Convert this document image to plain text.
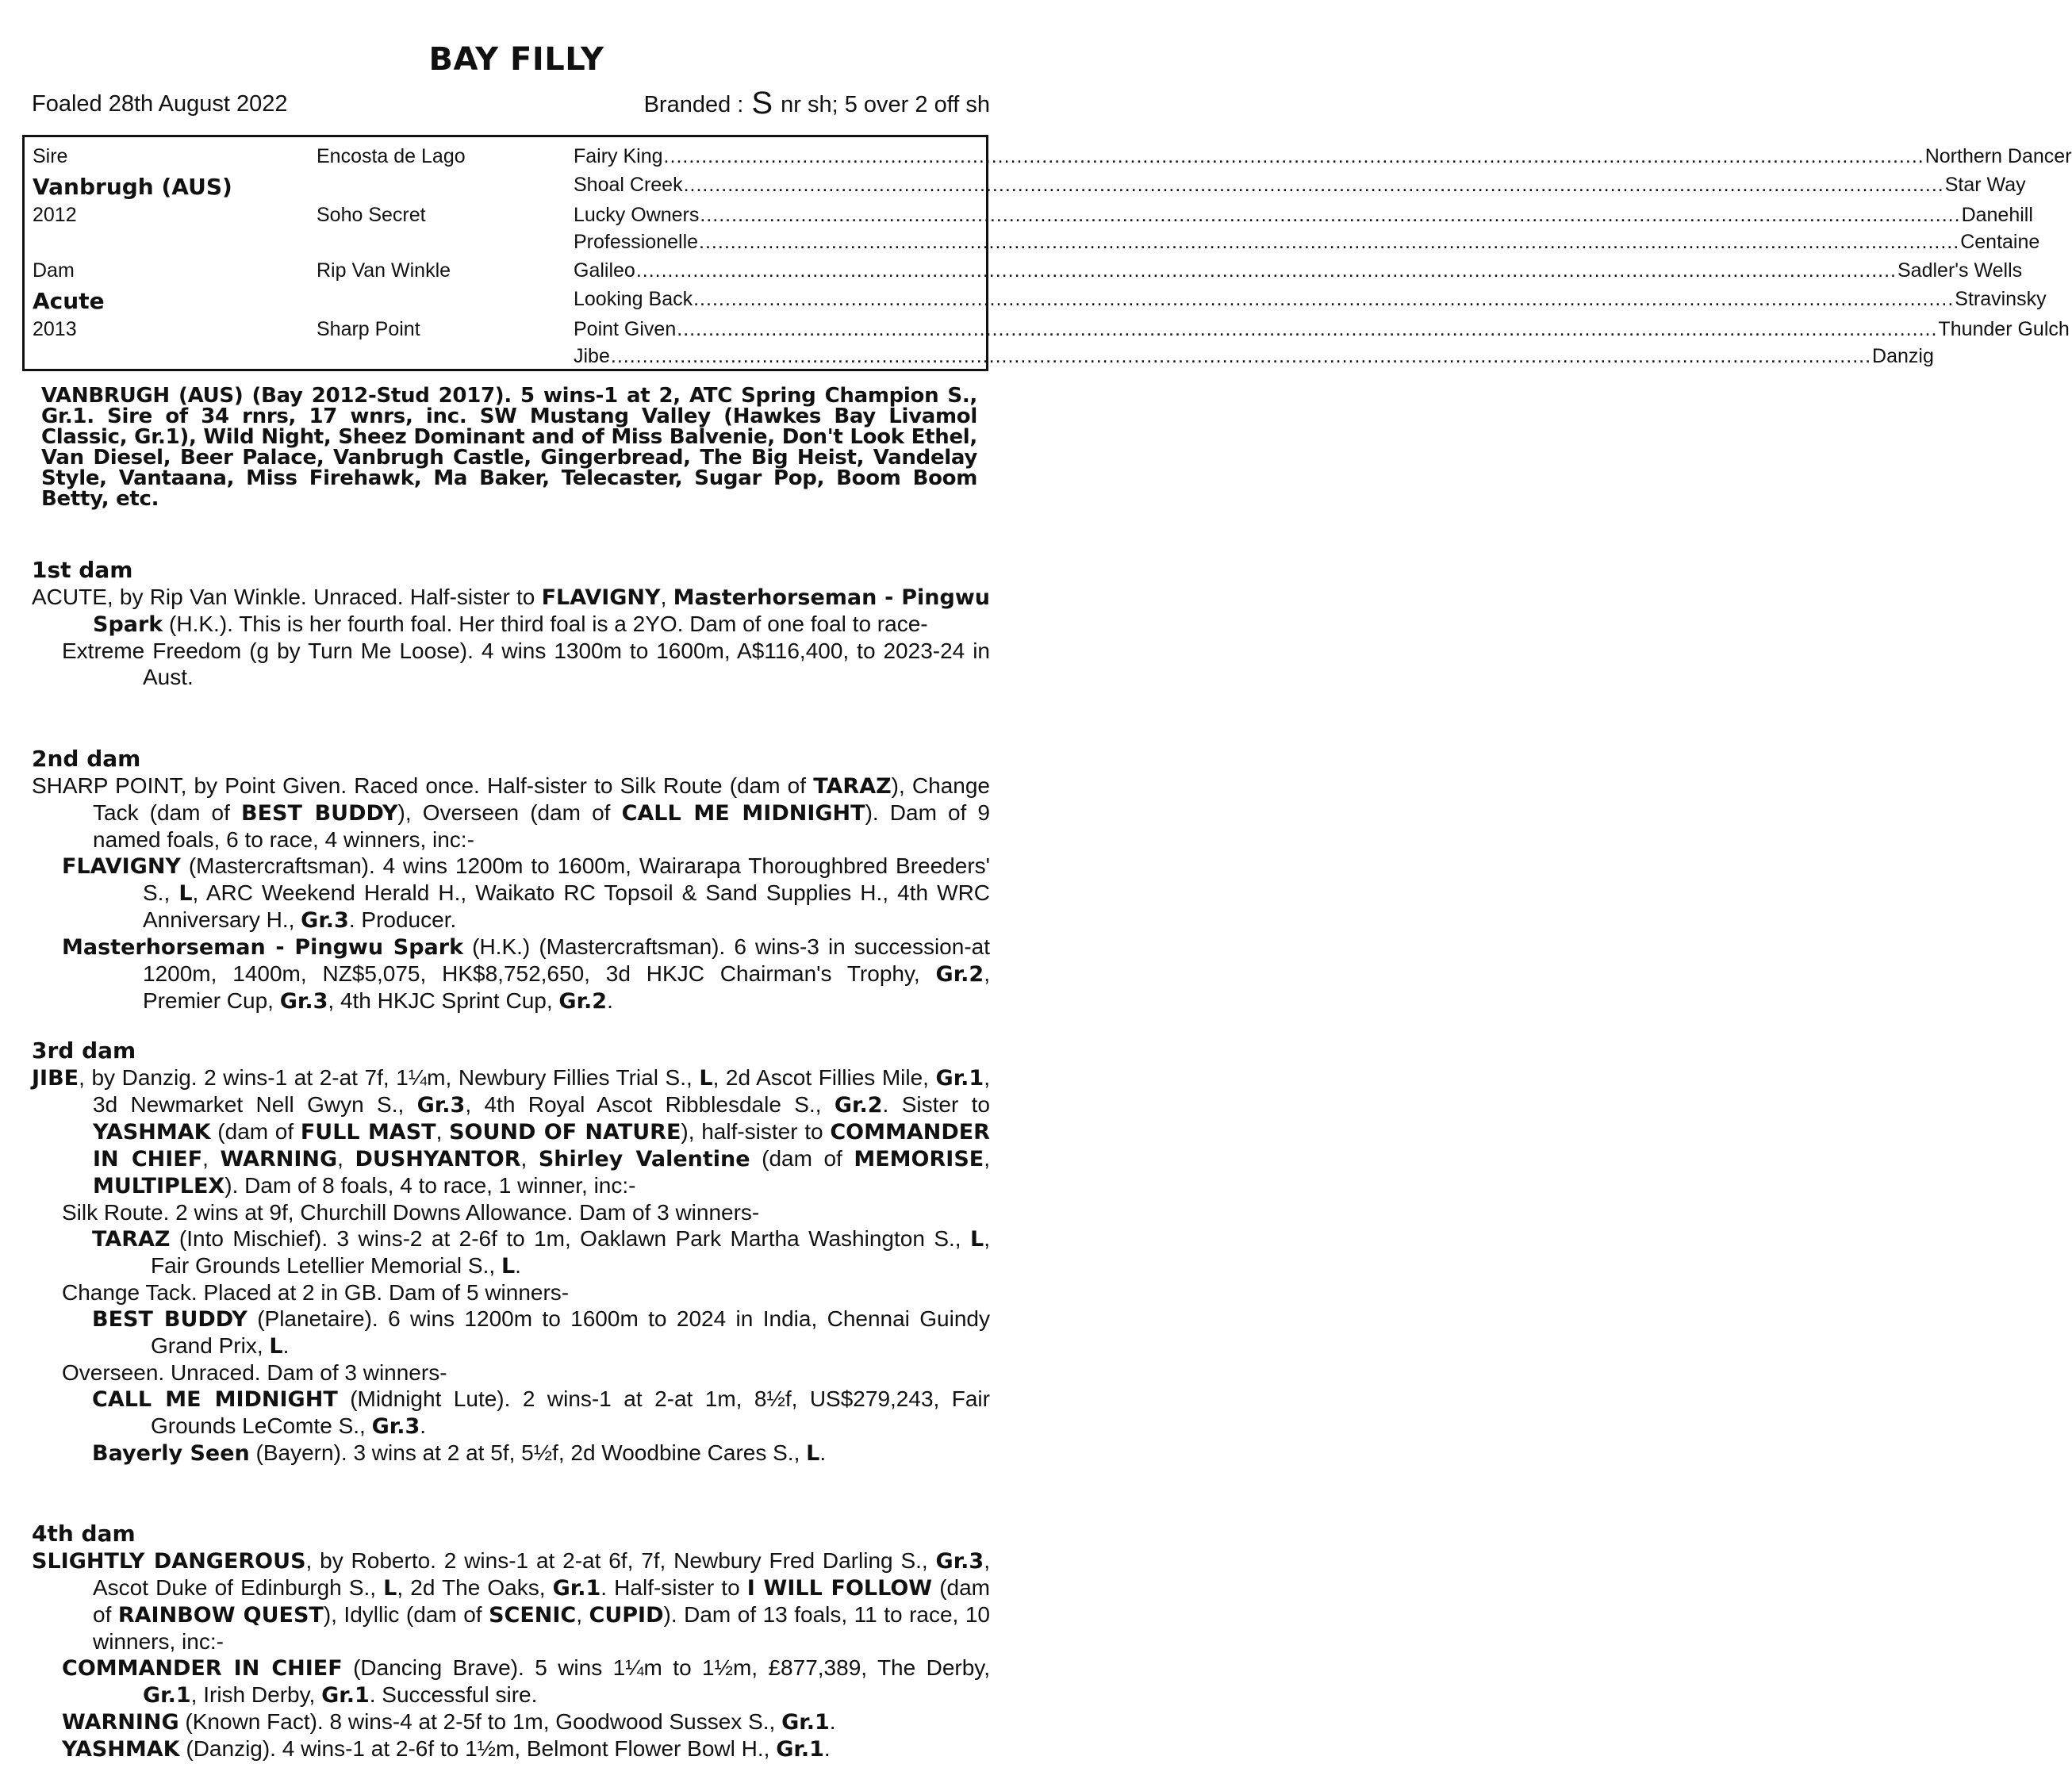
BAY FILLY
Foaled 28th August 2022	Branded : S nr sh; 5 over 2 off sh
Sire
Vanbrugh (AUS)
2012
Encosta de Lago
Soho Secret
Dam
Acute
2013
Rip Van Winkle
Sharp Point
Fairy King ........................................................................................................................................................................................................ Northern Dancer
Shoal Creek ........................................................................................................................................................................................................ Star Way
Lucky Owners ........................................................................................................................................................................................................ Danehill
Professionelle ........................................................................................................................................................................................................ Centaine
Galileo ........................................................................................................................................................................................................ Sadler's Wells
Looking Back ........................................................................................................................................................................................................ Stravinsky
Point Given ........................................................................................................................................................................................................ Thunder Gulch
Jibe ........................................................................................................................................................................................................ Danzig
VANBRUGH (AUS) (Bay 2012-Stud 2017). 5 wins-1 at 2, ATC Spring Champion S., Gr.1. Sire of 34 rnrs, 17 wnrs, inc. SW Mustang Valley (Hawkes Bay Livamol Classic, Gr.1), Wild Night, Sheez Dominant and of Miss Balvenie, Don't Look Ethel, Van Diesel, Beer Palace, Vanbrugh Castle, Gingerbread, The Big Heist, Vandelay Style, Vantaana, Miss Firehawk, Ma Baker, Telecaster, Sugar Pop, Boom Boom Betty, etc.
1st dam
ACUTE, by Rip Van Winkle. Unraced. Half-sister to FLAVIGNY, Masterhorseman - Pingwu Spark (H.K.). This is her fourth foal. Her third foal is a 2YO. Dam of one foal to race-
Extreme Freedom (g by Turn Me Loose). 4 wins 1300m to 1600m, A$116,400, to 2023-24 in Aust.
2nd dam
SHARP POINT, by Point Given. Raced once. Half-sister to Silk Route (dam of TARAZ), Change Tack (dam of BEST BUDDY), Overseen (dam of CALL ME MIDNIGHT). Dam of 9 named foals, 6 to race, 4 winners, inc:-
FLAVIGNY (Mastercraftsman). 4 wins 1200m to 1600m, Wairarapa Thoroughbred Breeders' S., L, ARC Weekend Herald H., Waikato RC Topsoil & Sand Supplies H., 4th WRC Anniversary H., Gr.3. Producer.
Masterhorseman - Pingwu Spark (H.K.) (Mastercraftsman). 6 wins-3 in succession-at 1200m, 1400m, NZ$5,075, HK$8,752,650, 3d HKJC Chairman's Trophy, Gr.2, Premier Cup, Gr.3, 4th HKJC Sprint Cup, Gr.2.
3rd dam
JIBE, by Danzig. 2 wins-1 at 2-at 7f, 1¼m, Newbury Fillies Trial S., L, 2d Ascot Fillies Mile, Gr.1, 3d Newmarket Nell Gwyn S., Gr.3, 4th Royal Ascot Ribblesdale S., Gr.2. Sister to YASHMAK (dam of FULL MAST, SOUND OF NATURE), half-sister to COMMANDER IN CHIEF, WARNING, DUSHYANTOR, Shirley Valentine (dam of MEMORISE, MULTIPLEX). Dam of 8 foals, 4 to race, 1 winner, inc:-
Silk Route. 2 wins at 9f, Churchill Downs Allowance. Dam of 3 winners-
TARAZ (Into Mischief). 3 wins-2 at 2-6f to 1m, Oaklawn Park Martha Washington S., L, Fair Grounds Letellier Memorial S., L.
Change Tack. Placed at 2 in GB. Dam of 5 winners-
BEST BUDDY (Planetaire). 6 wins 1200m to 1600m to 2024 in India, Chennai Guindy Grand Prix, L.
Overseen. Unraced. Dam of 3 winners-
CALL ME MIDNIGHT (Midnight Lute). 2 wins-1 at 2-at 1m, 8½f, US$279,243, Fair Grounds LeComte S., Gr.3.
Bayerly Seen (Bayern). 3 wins at 2 at 5f, 5½f, 2d Woodbine Cares S., L.
4th dam
SLIGHTLY DANGEROUS, by Roberto. 2 wins-1 at 2-at 6f, 7f, Newbury Fred Darling S., Gr.3, Ascot Duke of Edinburgh S., L, 2d The Oaks, Gr.1. Half-sister to I WILL FOLLOW (dam of RAINBOW QUEST), Idyllic (dam of SCENIC, CUPID). Dam of 13 foals, 11 to race, 10 winners, inc:-
COMMANDER IN CHIEF (Dancing Brave). 5 wins 1¼m to 1½m, £877,389, The Derby, Gr.1, Irish Derby, Gr.1. Successful sire.
WARNING (Known Fact). 8 wins-4 at 2-5f to 1m, Goodwood Sussex S., Gr.1.
YASHMAK (Danzig). 4 wins-1 at 2-6f to 1½m, Belmont Flower Bowl H., Gr.1.
